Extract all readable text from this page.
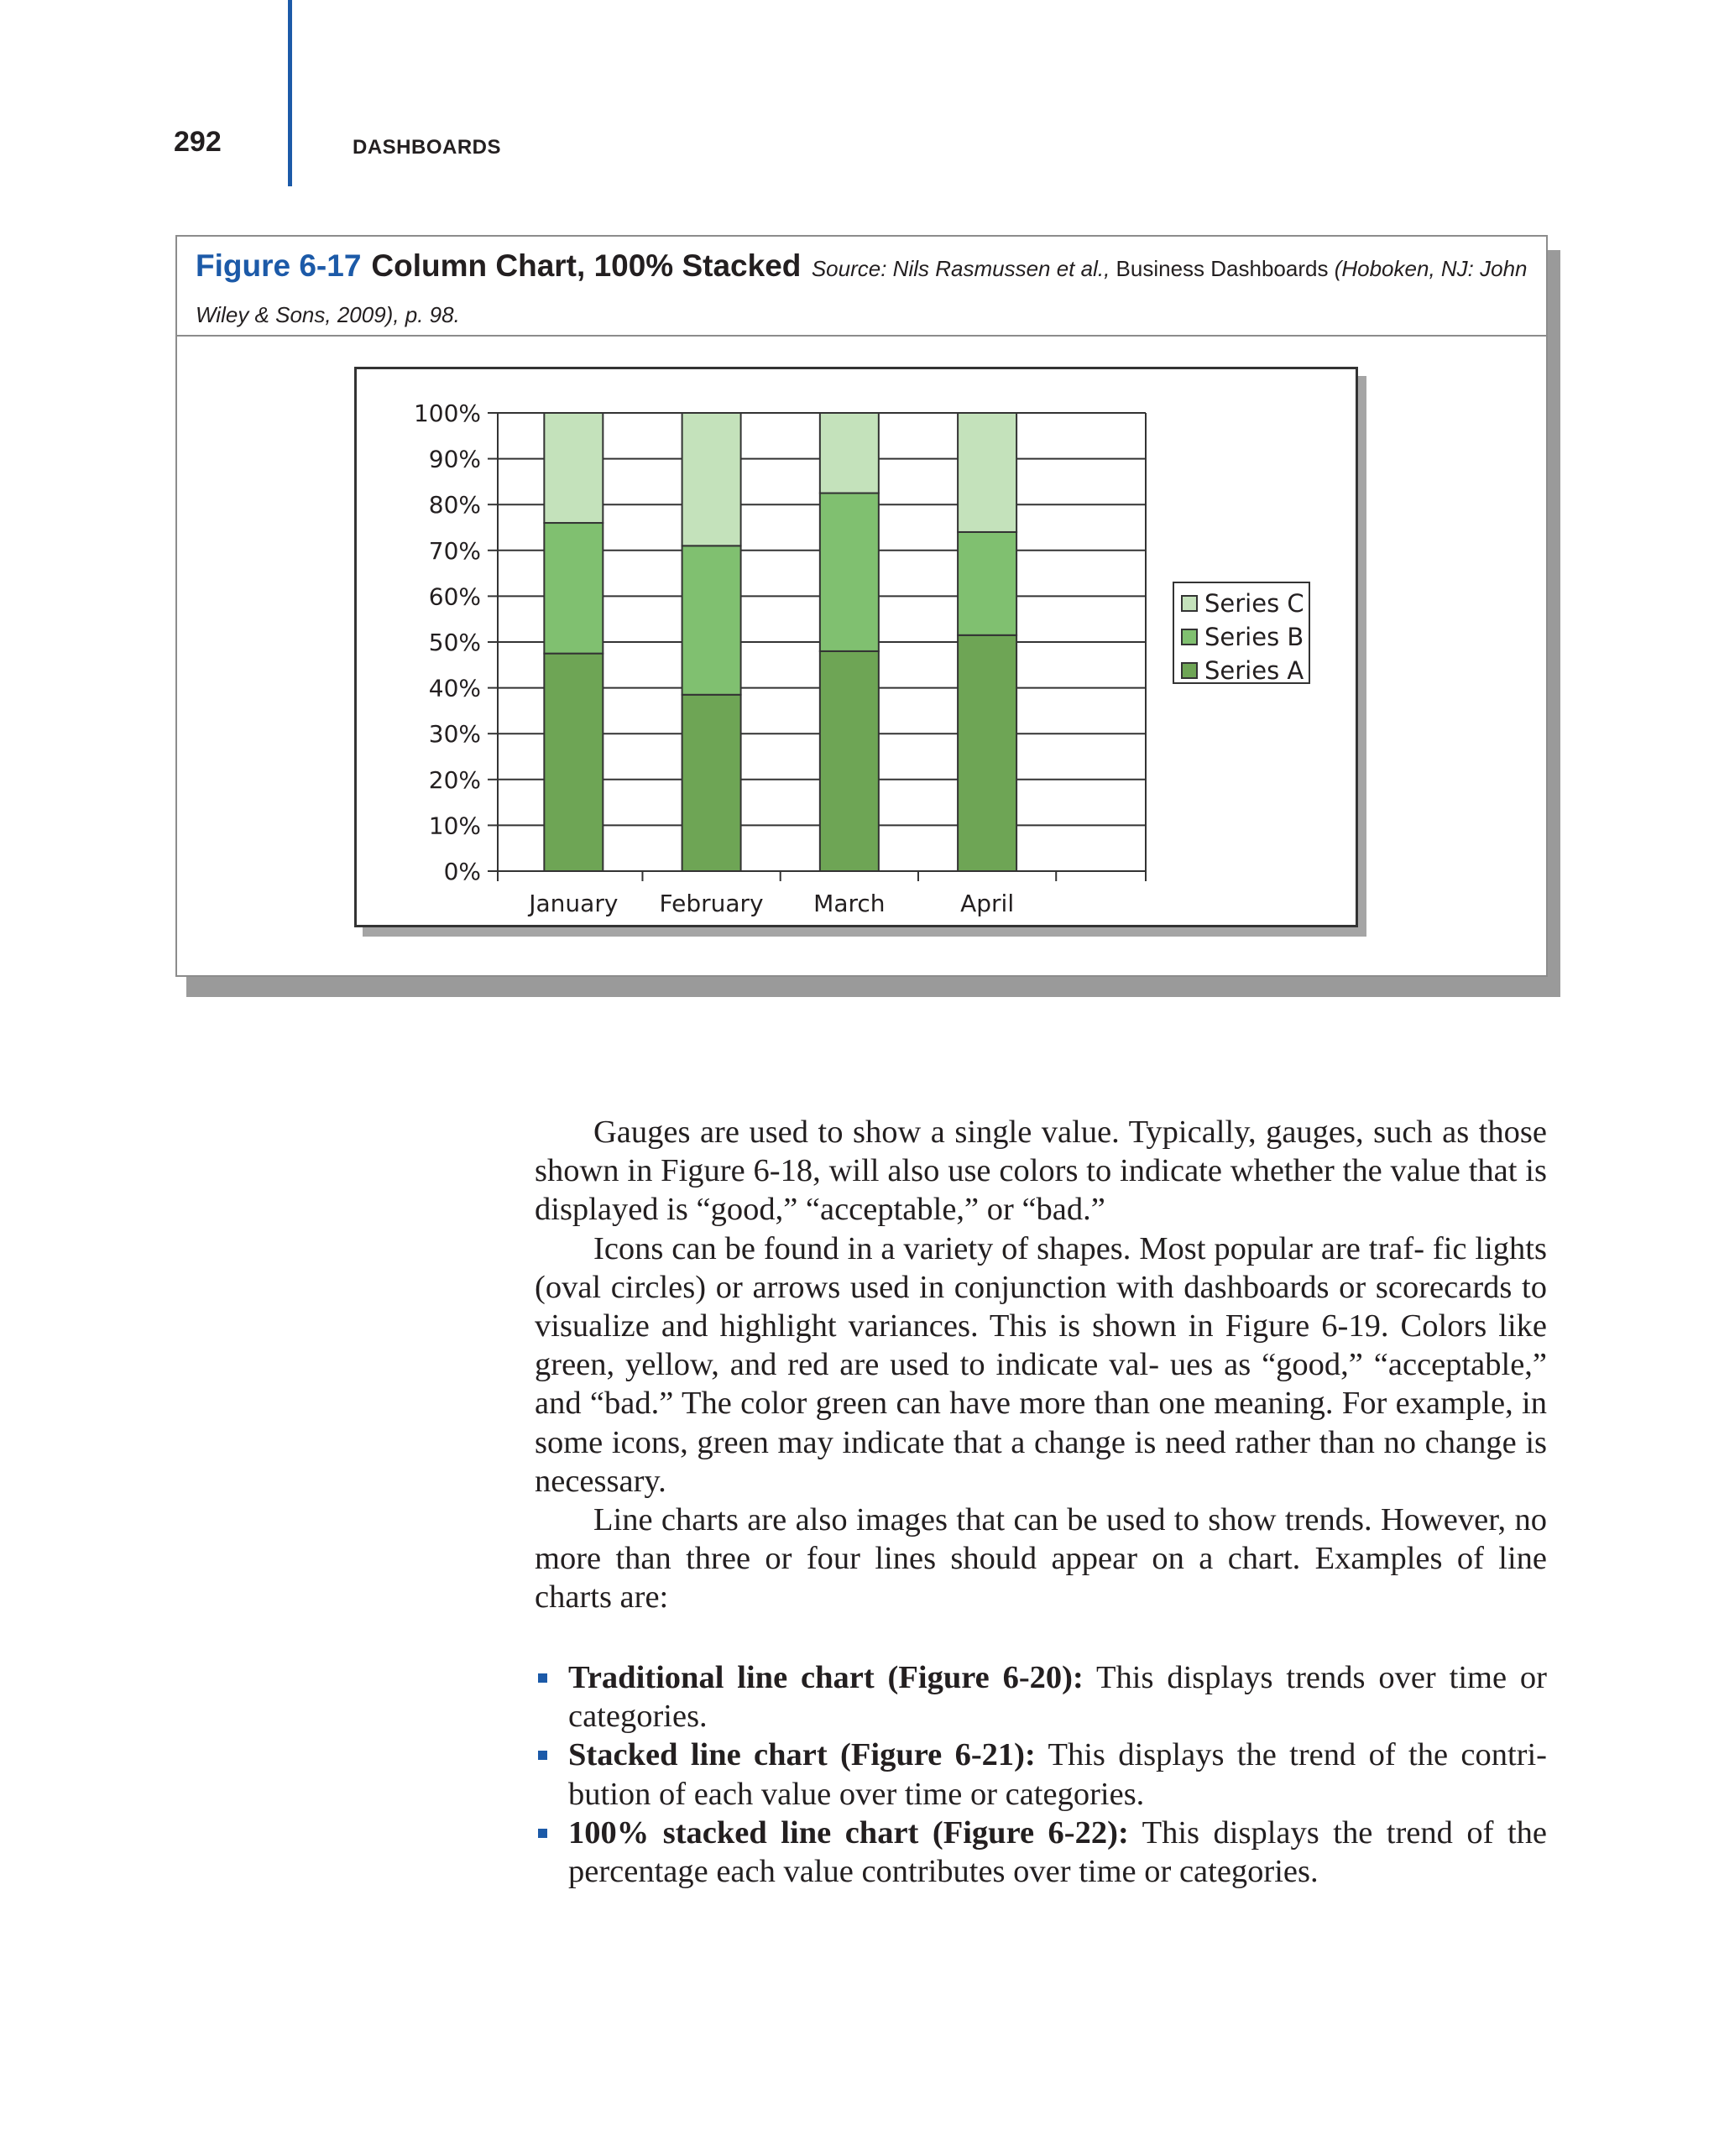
292	DASHBOARDS
Figure 6-17 Column Chart, 100% Stacked Source: Nils Rasmussen et al., Business Dashboards (Hoboken, NJ: John Wiley & Sons, 2009), p. 98.
0%
10%
20%
30%
40%
50%
60%
70%
80%
90%
100%
January February March	April
Series C
Series B
Series A

Gauges are used to show a single value. Typically, gauges, such as those shown in Figure 6-18, will also use colors to indicate whether the value that is displayed is “good,” “acceptable,” or “bad.”

Icons can be found in a variety of shapes. Most popular are traf- fic lights (oval circles) or arrows used in conjunction with dashboards or scorecards to visualize and highlight variances. This is shown in Figure 6-19. Colors like green, yellow, and red are used to indicate val- ues as “good,” “acceptable,” and “bad.” The color green can have more than one meaning. For example, in some icons, green may indicate that a change is need rather than no change is necessary.

Line charts are also images that can be used to show trends. However, no more than three or four lines should appear on a chart. Examples of line charts are:

Traditional line chart (Figure 6-20): This displays trends over time or categories.
Stacked line chart (Figure 6-21): This displays the trend of the contri- bution of each value over time or categories.
100% stacked line chart (Figure 6-22): This displays the trend of the percentage each value contributes over time or categories.
